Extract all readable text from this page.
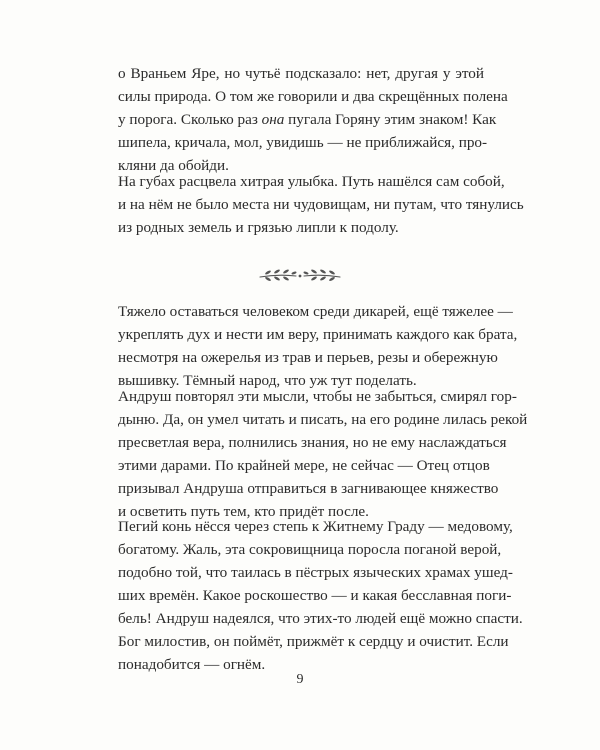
о Враньем Яре, но чутьё подсказало: нет, другая у этой
силы природа. О том же говорили и два скрещённых полена
у порога. Сколько раз она пугала Горяну этим знаком! Как
шипела, кричала, мол, увидишь — не приближайся, про-
кляни да обойди.
На губах расцвела хитрая улыбка. Путь нашёлся сам собой,
и на нём не было места ни чудовищам, ни путам, что тянулись
из родных земель и грязью липли к подолу.
Тяжело оставаться человеком среди дикарей, ещё тяжелее —
укреплять дух и нести им веру, принимать каждого как брата,
несмотря на ожерелья из трав и перьев, резы и обережную
вышивку. Тёмный народ, что уж тут поделать.
Андруш повторял эти мысли, чтобы не забыться, смирял гор-
дыню. Да, он умел читать и писать, на его родине лилась рекой
пресветлая вера, полнились знания, но не ему наслаждаться
этими дарами. По крайней мере, не сейчас — Отец отцов
призывал Андруша отправиться в загнивающее княжество
и осветить путь тем, кто придёт после.
Пегий конь нёсся через степь к Житнему Граду — медовому,
богатому. Жаль, эта сокровищница поросла поганой верой,
подобно той, что таилась в пёстрых языческих храмах ушед-
ших времён. Какое роскошество — и какая бесславная поги-
бель! Андруш надеялся, что этих-то людей ещё можно спасти.
Бог милостив, он поймёт, прижмёт к сердцу и очистит. Если
понадобится — огнём.
9
